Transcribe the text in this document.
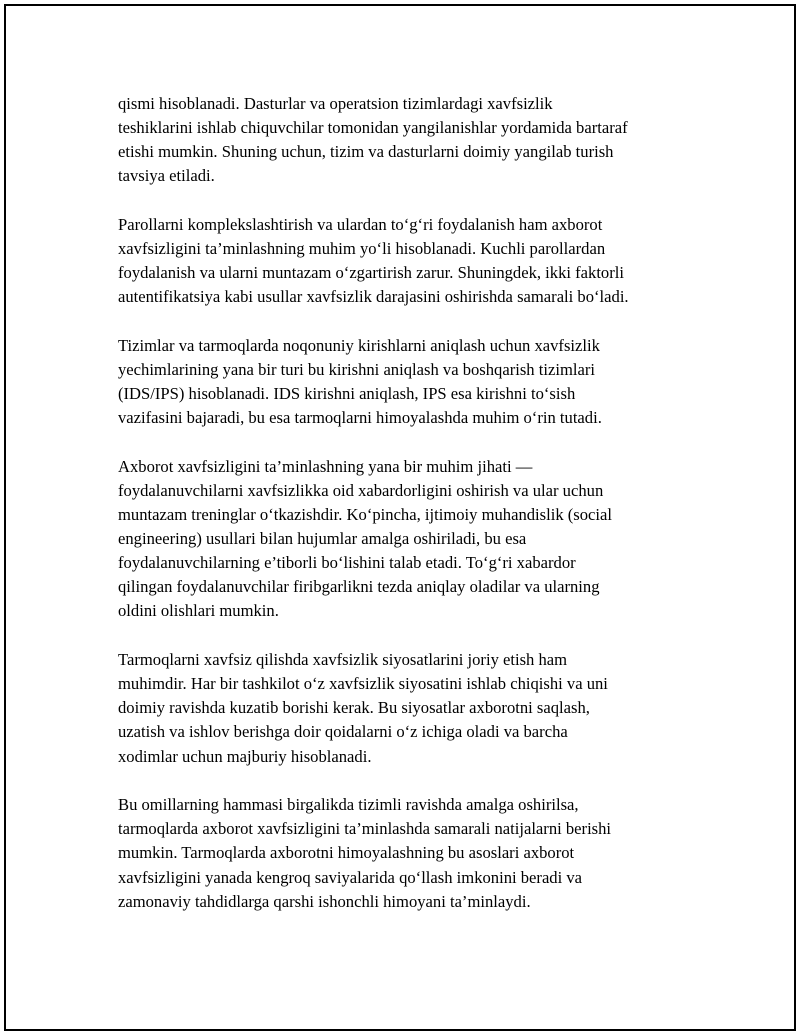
qismi hisoblanadi. Dasturlar va operatsion tizimlardagi xavfsizlik
teshiklarini ishlab chiquvchilar tomonidan yangilanishlar yordamida bartaraf
etishi mumkin. Shuning uchun, tizim va dasturlarni doimiy yangilab turish
tavsiya etiladi.

Parollarni komplekslashtirish va ulardan to‘g‘ri foydalanish ham axborot
xavfsizligini ta’minlashning muhim yo‘li hisoblanadi. Kuchli parollardan
foydalanish va ularni muntazam o‘zgartirish zarur. Shuningdek, ikki faktorli
autentifikatsiya kabi usullar xavfsizlik darajasini oshirishda samarali bo‘ladi.

Tizimlar va tarmoqlarda noqonuniy kirishlarni aniqlash uchun xavfsizlik
yechimlarining yana bir turi bu kirishni aniqlash va boshqarish tizimlari
(IDS/IPS) hisoblanadi. IDS kirishni aniqlash, IPS esa kirishni to‘sish
vazifasini bajaradi, bu esa tarmoqlarni himoyalashda muhim o‘rin tutadi.

Axborot xavfsizligini ta’minlashning yana bir muhim jihati —
foydalanuvchilarni xavfsizlikka oid xabardorligini oshirish va ular uchun
muntazam treninglar o‘tkazishdir. Ko‘pincha, ijtimoiy muhandislik (social
engineering) usullari bilan hujumlar amalga oshiriladi, bu esa
foydalanuvchilarning e’tiborli bo‘lishini talab etadi. To‘g‘ri xabardor
qilingan foydalanuvchilar firibgarlikni tezda aniqlay oladilar va ularning
oldini olishlari mumkin.

Tarmoqlarni xavfsiz qilishda xavfsizlik siyosatlarini joriy etish ham
muhimdir. Har bir tashkilot o‘z xavfsizlik siyosatini ishlab chiqishi va uni
doimiy ravishda kuzatib borishi kerak. Bu siyosatlar axborotni saqlash,
uzatish va ishlov berishga doir qoidalarni o‘z ichiga oladi va barcha
xodimlar uchun majburiy hisoblanadi.

Bu omillarning hammasi birgalikda tizimli ravishda amalga oshirilsa,
tarmoqlarda axborot xavfsizligini ta’minlashda samarali natijalarni berishi
mumkin. Tarmoqlarda axborotni himoyalashning bu asoslari axborot
xavfsizligini yanada kengroq saviyalarida qo‘llash imkonini beradi va
zamonaviy tahdidlarga qarshi ishonchli himoyani ta’minlaydi.
